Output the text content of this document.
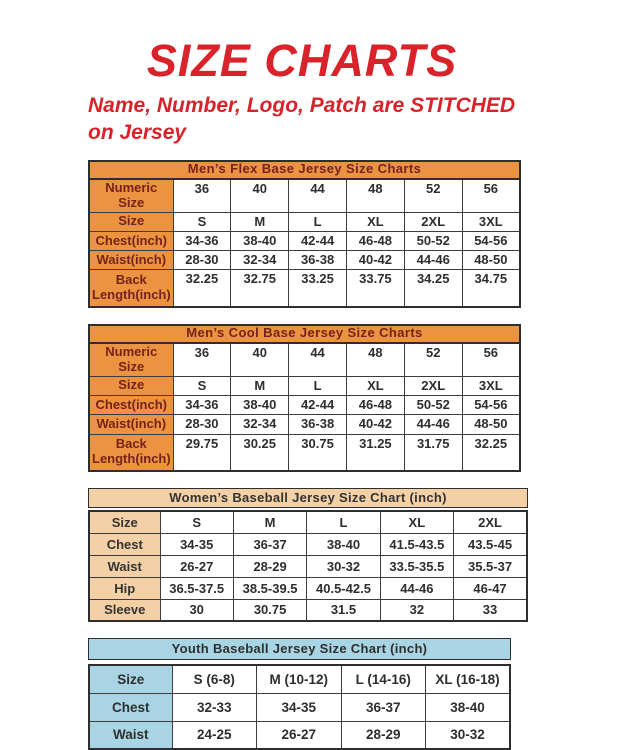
SIZE CHARTS
Name, Number, Logo, Patch are STITCHED
on Jersey
Men’s Flex Base Jersey Size Charts
Numeric Size	36	40	44	48	52	56
Size	S	M	L	XL	2XL	3XL
Chest(inch)	34-36	38-40	42-44	46-48	50-52	54-56
Waist(inch)	28-30	32-34	36-38	40-42	44-46	48-50
Back Length(inch)	32.25	32.75	33.25	33.75	34.25	34.75
Men’s Cool Base Jersey Size Charts
Numeric Size	36	40	44	48	52	56
Size	S	M	L	XL	2XL	3XL
Chest(inch)	34-36	38-40	42-44	46-48	50-52	54-56
Waist(inch)	28-30	32-34	36-38	40-42	44-46	48-50
Back Length(inch)	29.75	30.25	30.75	31.25	31.75	32.25
Women’s Baseball Jersey Size Chart (inch)
Size	S	M	L	XL	2XL
Chest	34-35	36-37	38-40	41.5-43.5	43.5-45
Waist	26-27	28-29	30-32	33.5-35.5	35.5-37
Hip	36.5-37.5	38.5-39.5	40.5-42.5	44-46	46-47
Sleeve	30	30.75	31.5	32	33
Youth Baseball Jersey Size Chart (inch)
Size	S (6-8)	M (10-12)	L (14-16)	XL (16-18)
Chest	32-33	34-35	36-37	38-40
Waist	24-25	26-27	28-29	30-32
